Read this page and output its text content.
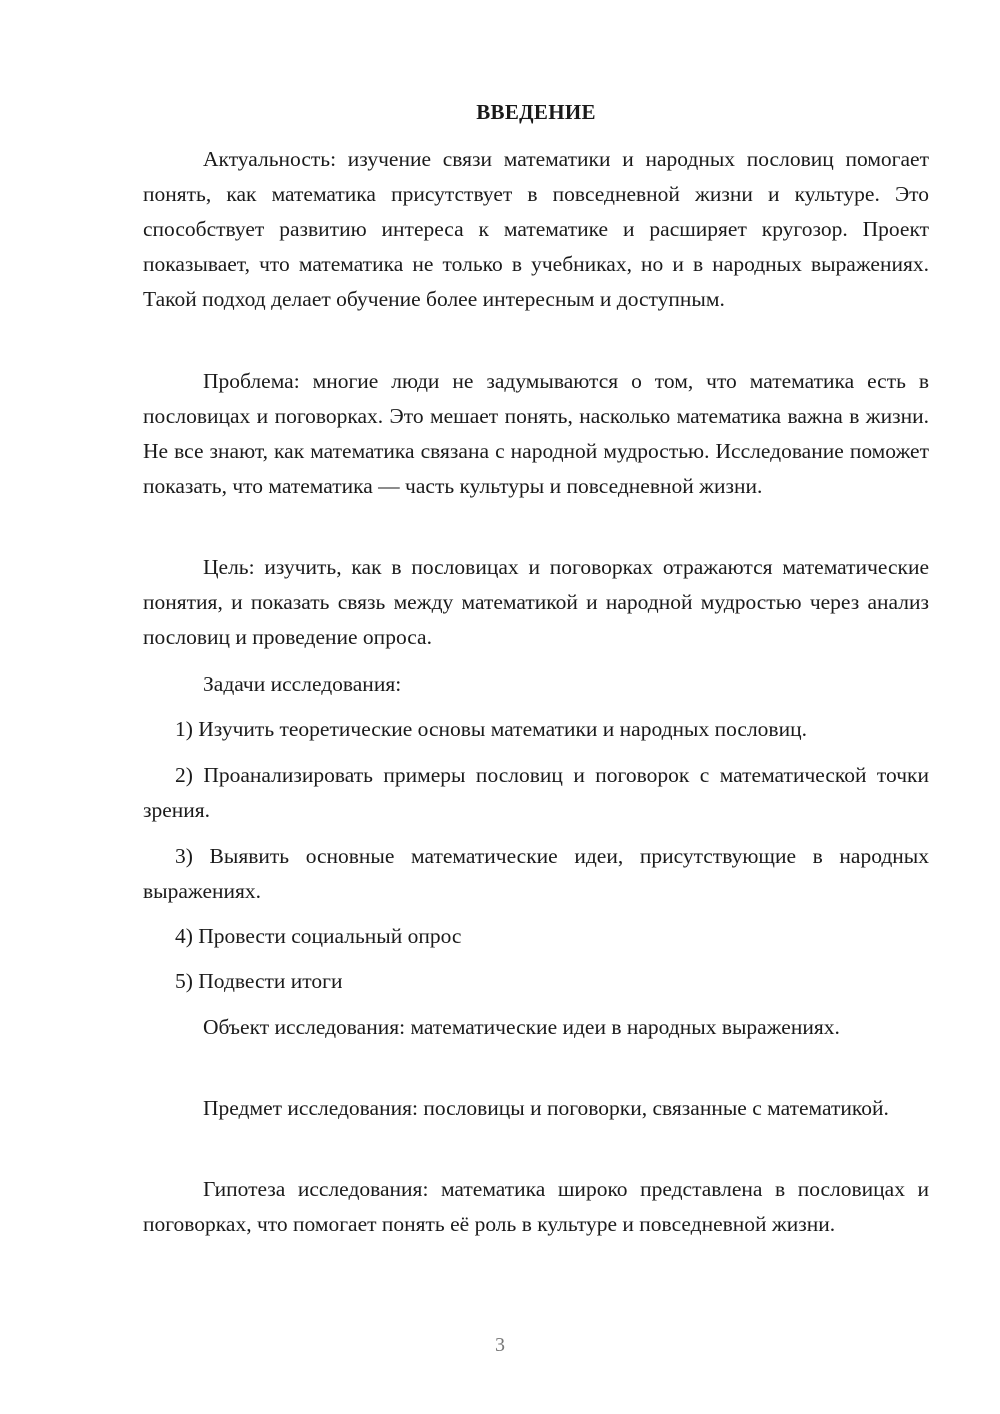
ВВЕДЕНИЕ

Актуальность: изучение связи математики и народных пословиц помогает понять, как математика присутствует в повседневной жизни и культуре. Это способствует развитию интереса к математике и расширяет кругозор. Проект показывает, что математика не только в учебниках, но и в народных выражениях. Такой подход делает обучение более интересным и доступным.

Проблема: многие люди не задумываются о том, что математика есть в пословицах и поговорках. Это мешает понять, насколько математика важна в жизни. Не все знают, как математика связана с народной мудростью. Исследование поможет показать, что математика — часть культуры и повседневной жизни.

Цель: изучить, как в пословицах и поговорках отражаются математические понятия, и показать связь между математикой и народной мудростью через анализ пословиц и проведение опроса.

Задачи исследования:

1) Изучить теоретические основы математики и народных пословиц.

2) Проанализировать примеры пословиц и поговорок с математической точки зрения.

3) Выявить основные математические идеи, присутствующие в народных выражениях.

4) Провести социальный опрос

5) Подвести итоги

Объект исследования: математические идеи в народных выражениях.

Предмет исследования: пословицы и поговорки, связанные с математикой.

Гипотеза исследования: математика широко представлена в пословицах и поговорках, что помогает понять её роль в культуре и повседневной жизни.

3
